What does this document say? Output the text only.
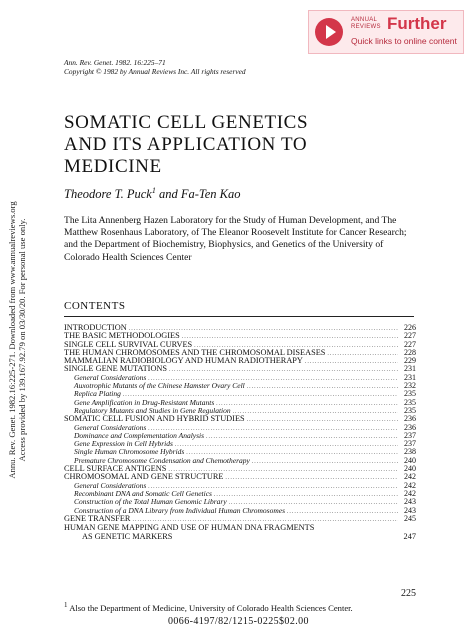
ANNUAL
REVIEWS Further
Quick links to online content
Annu. Rev. Genet. 1982.16:225-271. Downloaded from www.annualreviews.org Access provided by 139.167.92.79 on 03/30/20. For personal use only.
Ann. Rev. Genet. 1982. 16:225–71
Copyright © 1982 by Annual Reviews Inc. All rights reserved
SOMATIC CELL GENETICS
AND ITS APPLICATION TO
MEDICINE
Theodore T. Puck$^1$ and Fa-Ten Kao
The Lita Annenberg Hazen Laboratory for the Study of Human Development, and The Matthew Rosenhaus Laboratory, of The Eleanor Roosevelt Institute for Cancer Research; and the Department of Biochemistry, Biophysics, and Genetics of the University of Colorado Health Sciences Center
CONTENTS
INTRODUCTION .....	226
THE BASIC METHODOLOGIES .....	227
SINGLE CELL SURVIVAL CURVES .....	227
THE HUMAN CHROMOSOMES AND THE CHROMOSOMAL DISEASES .....	228
MAMMALIAN RADIOBIOLOGY AND HUMAN RADIOTHERAPY .....	229
SINGLE GENE MUTATIONS .....	231
General Considerations .....	231
Auxotrophic Mutants of the Chinese Hamster Ovary Cell .....	232
Replica Plating .....	235
Gene Amplification in Drug-Resistant Mutants .....	235
Regulatory Mutants and Studies in Gene Regulation .....	235
SOMATIC CELL FUSION AND HYBRID STUDIES .....	236
General Considerations .....	236
Dominance and Complementation Analysis .....	237
Gene Expression in Cell Hybrids .....	237
Single Human Chromosome Hybrids .....	238
Premature Chromosome Condensation and Chemotherapy .....	240
CELL SURFACE ANTIGENS .....	240
CHROMOSOMAL AND GENE STRUCTURE .....	242
General Considerations .....	242
Recombinant DNA and Somatic Cell Genetics .....	242
Construction of the Total Human Genomic Library .....	243
Construction of a DNA Library from Individual Human Chromosomes .....	243
GENE TRANSFER .....	245
HUMAN GENE MAPPING AND USE OF HUMAN DNA FRAGMENTS
AS GENETIC MARKERS	247
225
$^1$ Also the Department of Medicine, University of Colorado Health Sciences Center.
0066-4197/82/1215-0225$02.00
